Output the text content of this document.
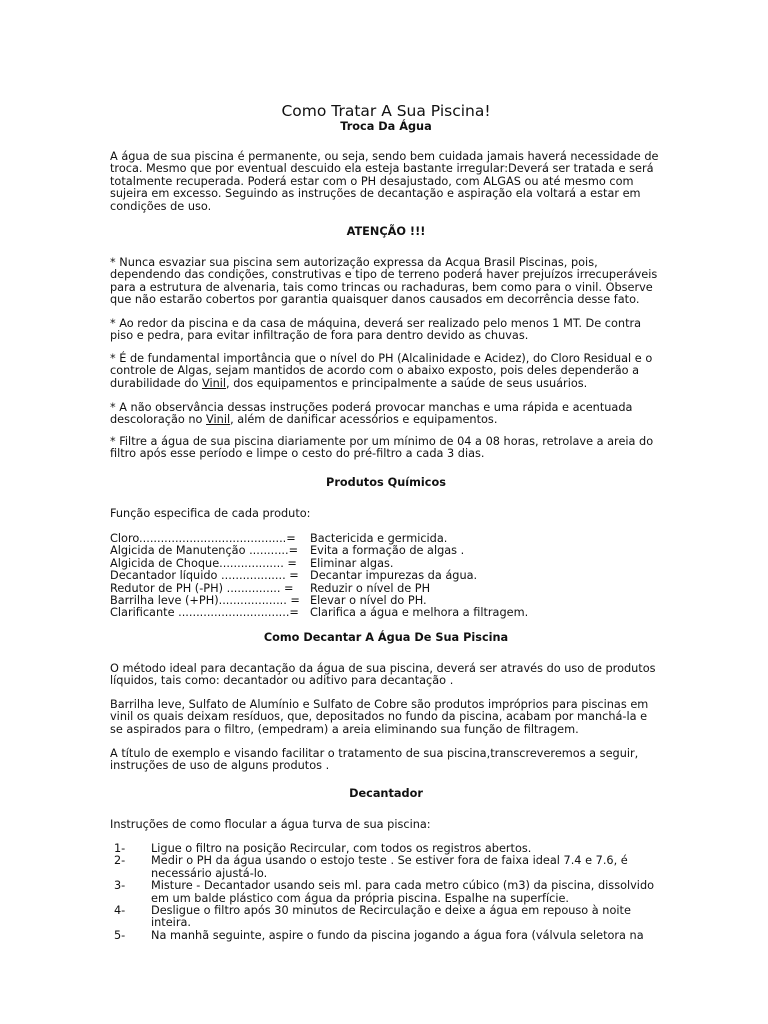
Como Tratar A Sua Piscina!

Troca Da Água

A água de sua piscina é permanente, ou seja, sendo bem cuidada jamais haverá necessidade de troca. Mesmo que por eventual descuido ela esteja bastante irregular:Deverá ser tratada e será totalmente recuperada. Poderá estar com o PH desajustado, com ALGAS ou até mesmo com sujeira em excesso. Seguindo as instruções de decantação e aspiração ela voltará a estar em condições de uso.

ATENÇÃO !!!

* Nunca esvaziar sua piscina sem autorização expressa da Acqua Brasil Piscinas, pois, dependendo das condições, construtivas e tipo de terreno poderá haver prejuízos irrecuperáveis para a estrutura de alvenaria, tais como trincas ou rachaduras, bem como para o vinil. Observe que não estarão cobertos por garantia quaisquer danos causados em decorrência desse fato.

* Ao redor da piscina e da casa de máquina, deverá ser realizado pelo menos 1 MT. De contra piso e pedra, para evitar infiltração de fora para dentro devido as chuvas.

* É de fundamental importância que o nível do PH (Alcalinidade e Acidez), do Cloro Residual e o controle de Algas, sejam mantidos de acordo com o abaixo exposto, pois deles dependerão a durabilidade do Vinil, dos equipamentos e principalmente a saúde de seus usuários.

* A não observância dessas instruções poderá provocar manchas e uma rápida e acentuada descoloração no Vinil, além de danificar acessórios e equipamentos.

* Filtre a água de sua piscina diariamente por um mínimo de 04 a 08 horas, retrolave a areia do filtro após esse período e limpe o cesto do pré-filtro a cada 3 dias.

Produtos Químicos

Função especifica de cada produto:

Cloro.........................................=	Bactericida e germicida.
Algicida de Manutenção ...........=	Evita a formação de algas .
Algicida de Choque.................. =	Eliminar algas.
Decantador líquido .................. = Decantar impurezas da água.
Redutor de PH (-PH) ............... =	Reduzir o nível de PH
Barrilha leve (+PH)................... = Elevar o nível do PH.
Clarificante ...............................= Clarifica a água e melhora a filtragem.

Como Decantar A Água De Sua Piscina

O método ideal para decantação da água de sua piscina, deverá ser através do uso de produtos líquidos, tais como: decantador ou aditivo para decantação .

Barrilha leve, Sulfato de Alumínio e Sulfato de Cobre são produtos impróprios para piscinas em vinil os quais deixam resíduos, que, depositados no fundo da piscina, acabam por manchá-la e se aspirados para o filtro, (empedram) a areia eliminando sua função de filtragem.

A título de exemplo e visando facilitar o tratamento de sua piscina,transcreveremos a seguir, instruções de uso de alguns produtos .

Decantador

Instruções de como flocular a água turva de sua piscina:

1-	Ligue o filtro na posição Recircular, com todos os registros abertos.
2-	Medir o PH da água usando o estojo teste . Se estiver fora de faixa ideal 7.4 e 7.6, é necessário ajustá-lo.
3-	Misture - Decantador usando seis ml. para cada metro cúbico (m3) da piscina, dissolvido em um balde plástico com água da própria piscina. Espalhe na superfície.
4-	Desligue o filtro após 30 minutos de Recirculação e deixe a água em repouso à noite inteira.
5-	Na manhã seguinte, aspire o fundo da piscina jogando a água fora (válvula seletora na
